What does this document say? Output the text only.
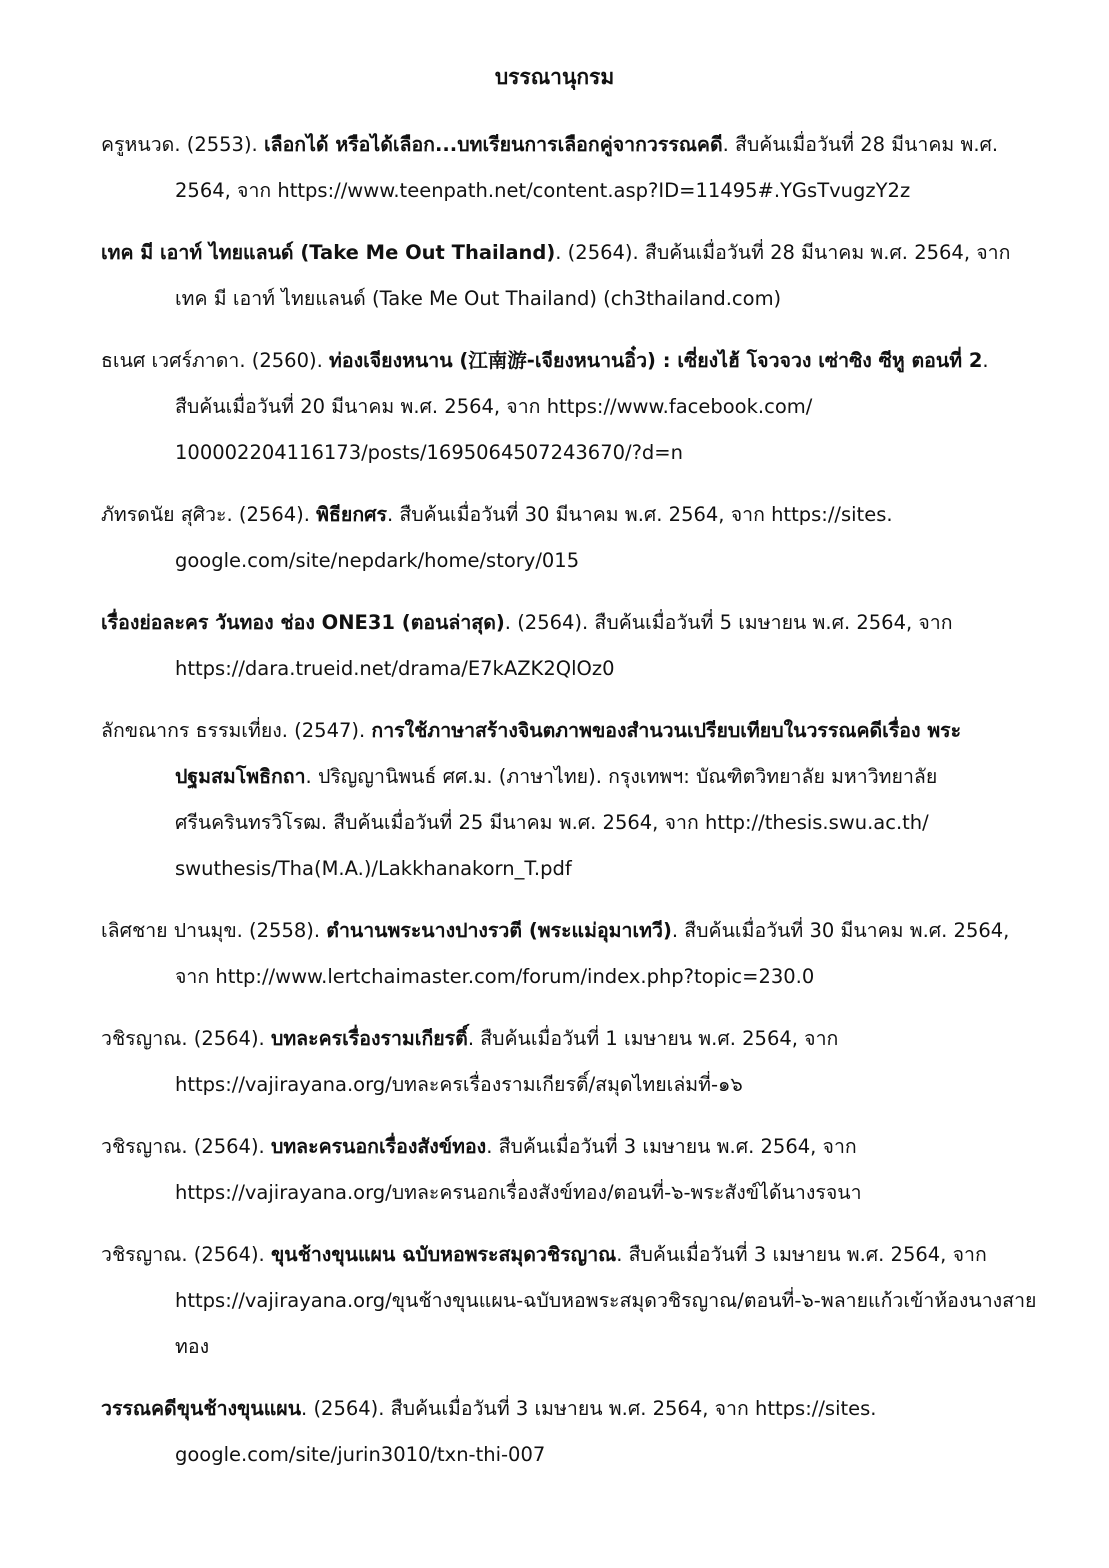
บรรณานุกรม

ครูหนวด. (2553). เลือกได้ หรือได้เลือก...บทเรียนการเลือกคู่จากวรรณคดี. สืบค้นเมื่อวันที่ 28 มีนาคม พ.ศ. 2564, จาก https://www.teenpath.net/content.asp?ID=11495#.YGsTvugzY2z

เทค มี เอาท์ ไทยแลนด์ (Take Me Out Thailand). (2564). สืบค้นเมื่อวันที่ 28 มีนาคม พ.ศ. 2564, จาก เทค มี เอาท์ ไทยแลนด์ (Take Me Out Thailand) (ch3thailand.com)

ธเนศ เวศร์ภาดา. (2560). ท่องเจียงหนาน (江南游-เจียงหนานอิ๋ว) : เซี่ยงไฮ้ โจวจวง เซ่าซิง ซีหู ตอนที่ 2. สืบค้นเมื่อวันที่ 20 มีนาคม พ.ศ. 2564, จาก https://www.facebook.com/ 100002204116173/posts/1695064507243670/?d=n

ภัทรดนัย สุศิวะ. (2564). พิธียกศร. สืบค้นเมื่อวันที่ 30 มีนาคม พ.ศ. 2564, จาก https://sites. google.com/site/nepdark/home/story/015

เรื่องย่อละคร วันทอง ช่อง ONE31 (ตอนล่าสุด). (2564). สืบค้นเมื่อวันที่ 5 เมษายน พ.ศ. 2564, จาก https://dara.trueid.net/drama/E7kAZK2QlOz0

ลักขณากร ธรรมเที่ยง. (2547). การใช้ภาษาสร้างจินตภาพของสำนวนเปรียบเทียบในวรรณคดีเรื่อง พระปฐมสมโพธิกถา. ปริญญานิพนธ์ ศศ.ม. (ภาษาไทย). กรุงเทพฯ: บัณฑิตวิทยาลัย มหาวิทยาลัยศรีนครินทรวิโรฒ. สืบค้นเมื่อวันที่ 25 มีนาคม พ.ศ. 2564, จาก http://thesis.swu.ac.th/ swuthesis/Tha(M.A.)/Lakkhanakorn_T.pdf

เลิศชาย ปานมุข. (2558). ตำนานพระนางปางรวตี (พระแม่อุมาเทวี). สืบค้นเมื่อวันที่ 30 มีนาคม พ.ศ. 2564, จาก http://www.lertchaimaster.com/forum/index.php?topic=230.0

วชิรญาณ. (2564). บทละครเรื่องรามเกียรติ์. สืบค้นเมื่อวันที่ 1 เมษายน พ.ศ. 2564, จาก https://vajirayana.org/บทละครเรื่องรามเกียรติ์/สมุดไทยเล่มที่-๑๖

วชิรญาณ. (2564). บทละครนอกเรื่องสังข์ทอง. สืบค้นเมื่อวันที่ 3 เมษายน พ.ศ. 2564, จาก https://vajirayana.org/บทละครนอกเรื่องสังข์ทอง/ตอนที่-๖-พระสังข์ได้นางรจนา

วชิรญาณ. (2564). ขุนช้างขุนแผน ฉบับหอพระสมุดวชิรญาณ. สืบค้นเมื่อวันที่ 3 เมษายน พ.ศ. 2564, จาก https://vajirayana.org/ขุนช้างขุนแผน-ฉบับหอพระสมุดวชิรญาณ/ตอนที่-๖-พลายแก้วเข้าห้องนางสายทอง

วรรณคดีขุนช้างขุนแผน. (2564). สืบค้นเมื่อวันที่ 3 เมษายน พ.ศ. 2564, จาก https://sites. google.com/site/jurin3010/txn-thi-007
